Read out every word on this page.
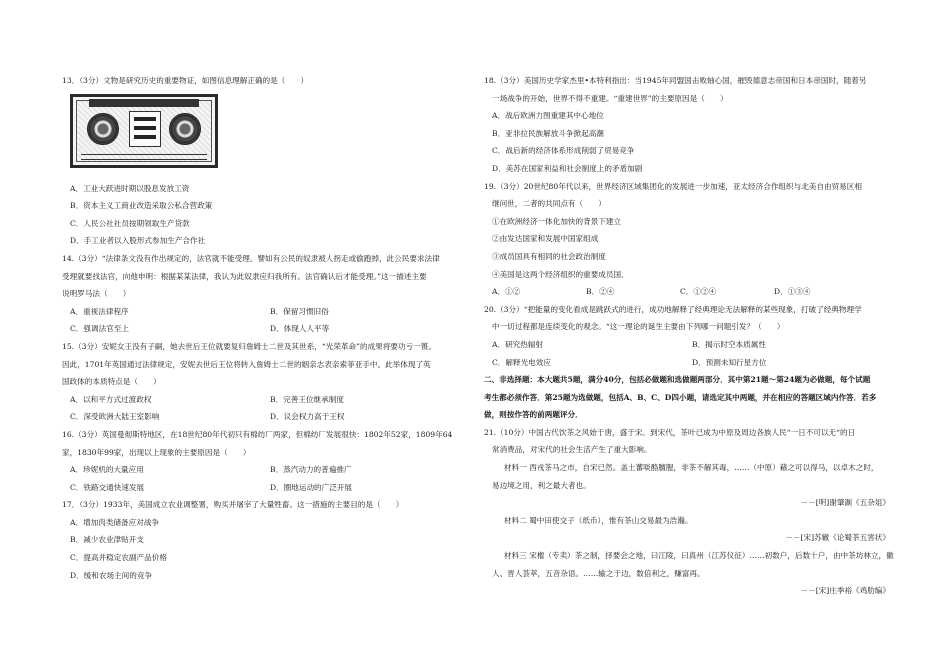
13．（3分）文物是研究历史的重要物证，如图信息理解正确的是（　　）
A．工业大跃进时期以股息发放工资
B．资本主义工商业改造采取公私合营政策
C．人民公社社员按期领取生产贷款
D．手工业者以入股形式参加生产合作社
14.（3分）“法律条文没有作出规定的，法官就不能受理。譬如有公民的奴隶被人拐走或偷跑掉，此公民要求法律
受理就要找法官，向他申明：根据某某法律，我认为此奴隶应归我所有。法官确认后才能受理。”这一描述主要
说明罗马法（　　）
A．重视法律程序	B．保留习惯旧俗
C．强调法官至上	D．体现人人平等
15.（3分）安妮女王没有子嗣，她去世后王位就要复归詹姆士二世及其世系，“光荣革命”的成果将要功亏一篑。
因此，1701年英国通过法律规定，安妮去世后王位将转入詹姆士二世的姻亲志表亲索菲亚手中。此举体现了英
国政体的本质特点是（　　）
A．以和平方式过渡政权	B．完善王位继承制度
C．深受欧洲大陆王室影响	D．议会权力高于王权
16.（3分）英国曼彻斯特地区，在18世纪80年代初只有棉纺厂两家，但棉纺厂发展很快：1802年52家，1809年64
家，1830年99家，出现以上现象的主要原因是（　　）
A．珍妮机的大量应用	B．蒸汽动力的普遍推广
C．铁路交通快速发展	D．圈地运动的广泛开展
17．（3分）1933年，美国成立农业调整署，购买并屠宰了大量牲畜。这一措施的主要目的是（　　）
A．增加肉类储备应对战争
B．减少农业津贴开支
C．提高并稳定农副产品价格
D．缓和农场主间的竞争
18.（3分）美国历史学家杰里•本特利指出：当1945年同盟国击败轴心国，摧毁德意志帝国和日本帝国时，随着另
一场战争的开始，世界不得不重建。“重建世界”的主要原因是（　　）
A．战后欧洲力图重建其中心地位
B．亚非拉民族解放斗争掀起高潮
C．战后新的经济体系形成削弱了贸易竞争
D．美苏在国家利益和社会制度上的矛盾加剧
19.（3分）20世纪80年代以来，世界经济区域集团化的发展进一步加速，亚太经济合作组织与北美自由贸易区相
继问世，二者的共同点有（　　）
①在欧洲经济一体化加快的背景下建立
②由发达国家和发展中国家组成
③成员国具有相同的社会政治制度
④美国是这两个经济组织的重要成员国．
A．①②	B．②④	C．①②④	D．①③④
20.（3分）“把能量的变化看成是跳跃式的进行，成功地解释了经典理论无法解释的某些现象，打破了经典物理学
中一切过程都是连续变化的观念。“这一理论的诞生主要由下列哪一问题引发？（　　）
A．研究热辐射	B．揭示时空本质属性
C．解释光电效应	D．预测未知行星方位
二、非选择题：本大题共5题，满分40分，包括必做题和选做题两部分．其中第21题～第24题为必做题，每个试题
考生都必须作答．第25题为选做题，包括A、B、C、D四小题，请选定其中两题，并在相应的答题区域内作答．若多
做，则按作答的前两题评分．
21.（10分）中国古代饮茶之风始于唐，盛于宋。到宋代，茶叶已成为中原及周边各族人民“一日不可以无“的日
常消费品，对宋代的社会生活产生了重大影响。
材料一 西戎茶马之市，自宋已然。盖土蕃啖酪膻腥，非茶不解其毒，……（中原）藉之可以得马，以卓木之时，
易边境之用，利之最大者也。
－－[明]谢肇淛《五杂俎》
材料二 蜀中田使交子（纸币），惟有茶山交易最为浩瀚。
－－[宋]苏辙《论蜀茶五害状》
材料三 宋権（专卖）茶之制，择要会之地，曰江陵，曰真州（江苏仪征）……初数户，后数十户，由中茶坊林立，徽
人、晋人荟萃，五音杂语。……输之于边，数倍利之，赚富再。
－－[宋]庄季裕《鸡肋编》
